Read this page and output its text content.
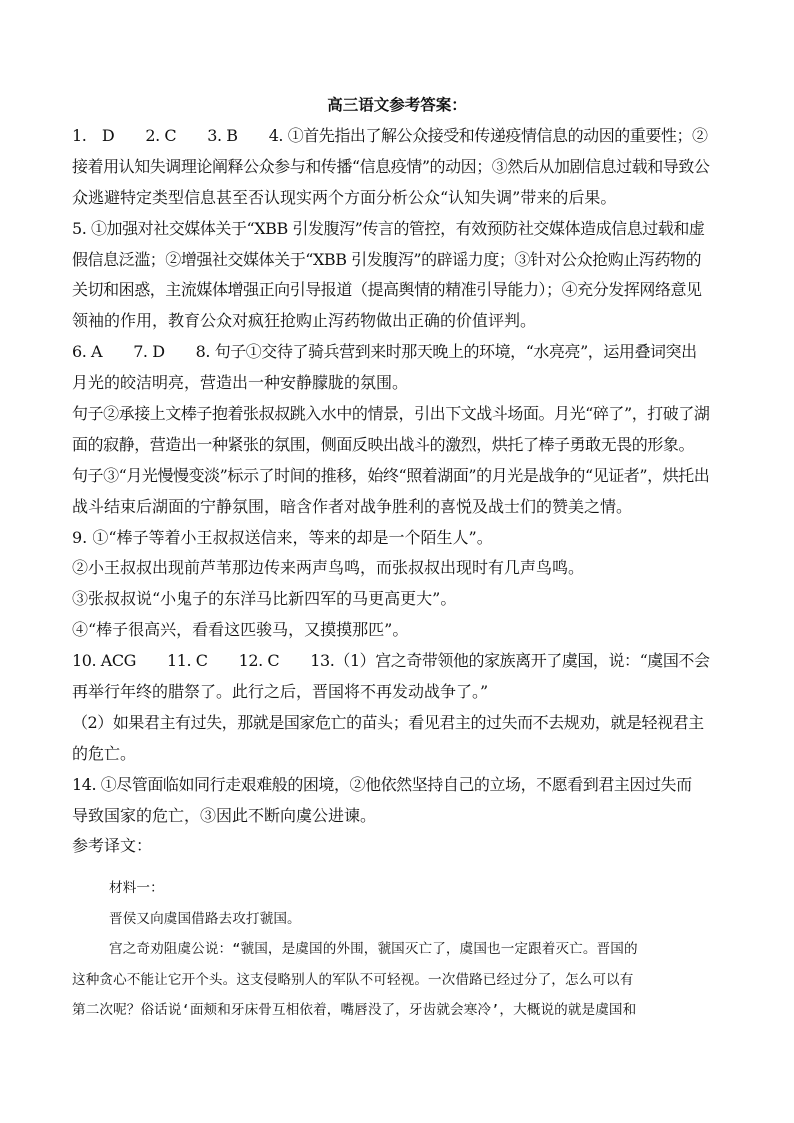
高三语文参考答案：
1.　D　　2. C　　3. B　　4. ①首先指出了解公众接受和传递疫情信息的动因的重要性；②
接着用认知失调理论阐释公众参与和传播“信息疫情”的动因；③然后从加剧信息过载和导致公
众逃避特定类型信息甚至否认现实两个方面分析公众“认知失调”带来的后果。
5. ①加强对社交媒体关于“XBB 引发腹泻”传言的管控，有效预防社交媒体造成信息过载和虚
假信息泛滥；②增强社交媒体关于“XBB 引发腹泻”的辟谣力度；③针对公众抢购止泻药物的
关切和困惑，主流媒体增强正向引导报道（提高舆情的精准引导能力）；④充分发挥网络意见
领袖的作用，教育公众对疯狂抢购止泻药物做出正确的价值评判。
6. A　　7. D　　8. 句子①交待了骑兵营到来时那天晚上的环境，“水亮亮”，运用叠词突出
月光的皎洁明亮，营造出一种安静朦胧的氛围。
句子②承接上文棒子抱着张叔叔跳入水中的情景，引出下文战斗场面。月光“碎了”，打破了湖
面的寂静，营造出一种紧张的氛围，侧面反映出战斗的激烈，烘托了棒子勇敢无畏的形象。
句子③“月光慢慢变淡”标示了时间的推移，始终“照着湖面”的月光是战争的“见证者”，烘托出
战斗结束后湖面的宁静氛围，暗含作者对战争胜利的喜悦及战士们的赞美之情。
9. ①“棒子等着小王叔叔送信来，等来的却是一个陌生人”。
②小王叔叔出现前芦苇那边传来两声鸟鸣，而张叔叔出现时有几声鸟鸣。
③张叔叔说“小鬼子的东洋马比新四军的马更高更大”。
④“棒子很高兴，看看这匹骏马，又摸摸那匹”。
10. ACG　　11. C　　12. C　　13.（1）宫之奇带领他的家族离开了虞国，说：“虞国不会
再举行年终的腊祭了。此行之后，晋国将不再发动战争了。”
（2）如果君主有过失，那就是国家危亡的苗头；看见君主的过失而不去规劝，就是轻视君主
的危亡。
14. ①尽管面临如同行走艰难般的困境，②他依然坚持自己的立场，不愿看到君主因过失而
导致国家的危亡，③因此不断向虞公进谏。
参考译文：
材料一：
晋侯又向虞国借路去攻打虢国。
宫之奇劝阻虞公说：“虢国，是虞国的外围，虢国灭亡了，虞国也一定跟着灭亡。晋国的
这种贪心不能让它开个头。这支侵略别人的军队不可轻视。一次借路已经过分了，怎么可以有
第二次呢？俗话说‘面颊和牙床骨互相依着，嘴唇没了，牙齿就会寒冷’，大概说的就是虞国和
